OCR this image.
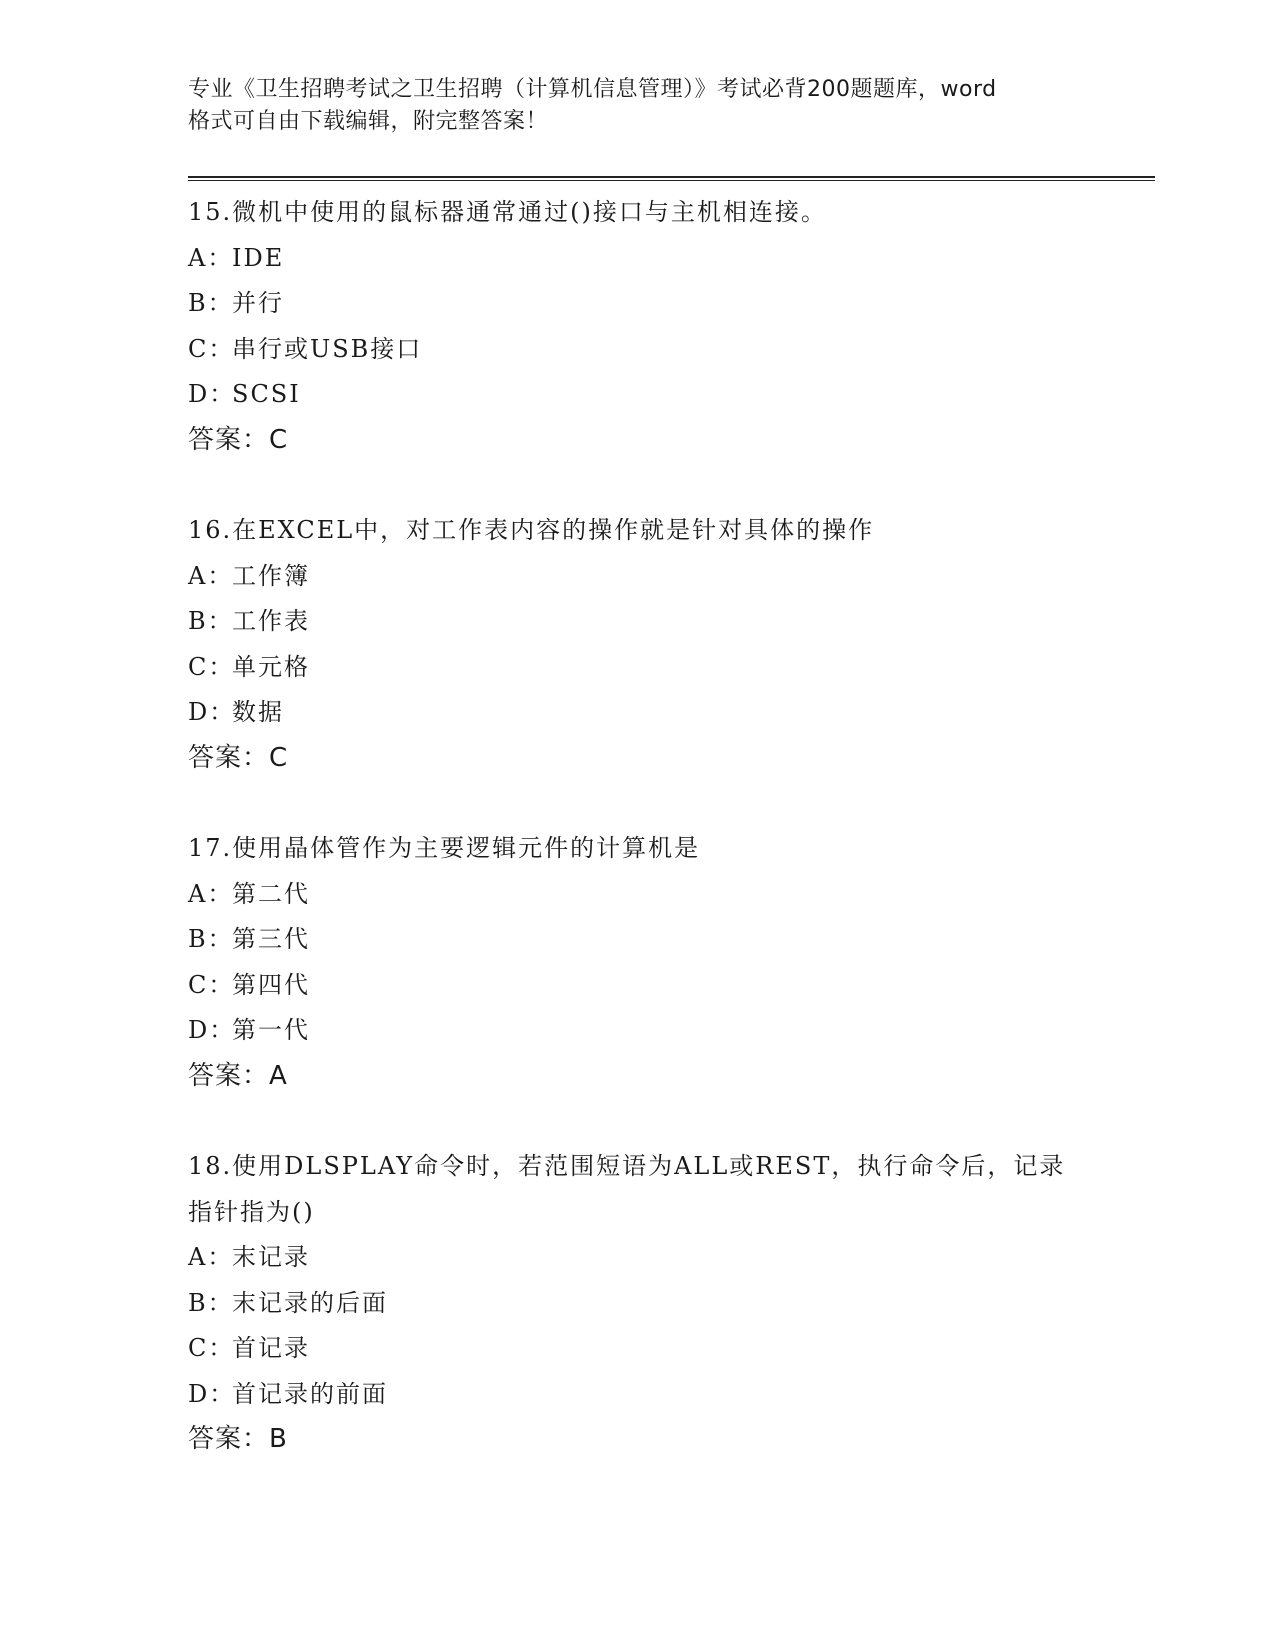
专业《卫生招聘考试之卫生招聘（计算机信息管理）》考试必背200题题库，word
格式可自由下载编辑，附完整答案！

15.微机中使用的鼠标器通常通过()接口与主机相连接。

A：
IDE
B：
并行
C：
串行或USB接口
D：
SCSI
答案：C

16.在EXCEL中，对工作表内容的操作就是针对具体的操作

A：
工作簿
B：
工作表
C：
单元格
D：
数据
答案：C

17.使用晶体管作为主要逻辑元件的计算机是

A：
第二代
B：
第三代
C：
第四代
D：
第一代
答案：A

18.使用DLSPLAY命令时，若范围短语为ALL或REST，执行命令后，记录指针指为()

A：
末记录
B：
末记录的后面
C：
首记录
D：
首记录的前面
答案：B
